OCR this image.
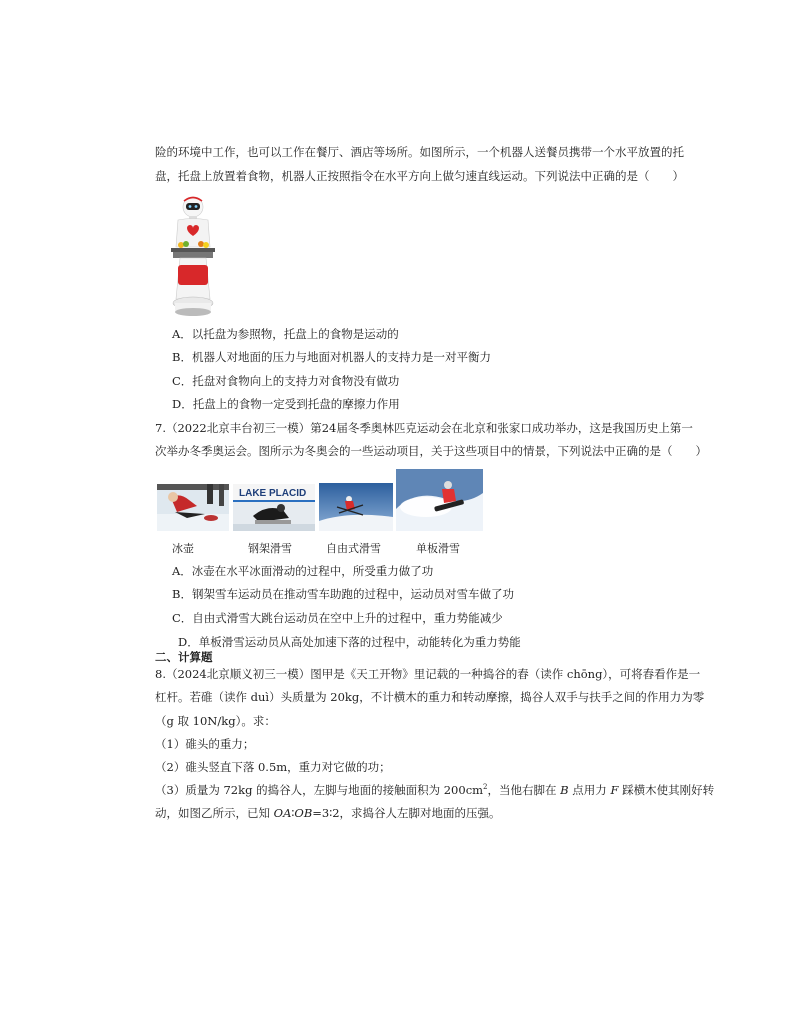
险的环境中工作，也可以工作在餐厅、酒店等场所。如图所示，一个机器人送餐员携带一个水平放置的托
盘，托盘上放置着食物，机器人正按照指令在水平方向上做匀速直线运动。下列说法中正确的是（　　）
A．以托盘为参照物，托盘上的食物是运动的
B．机器人对地面的压力与地面对机器人的支持力是一对平衡力
C．托盘对食物向上的支持力对食物没有做功
D．托盘上的食物一定受到托盘的摩擦力作用
7.（2022北京丰台初三一模）第24届冬季奥林匹克运动会在北京和张家口成功举办，这是我国历史上第一
次举办冬季奥运会。图所示为冬奥会的一些运动项目，关于这些项目中的情景，下列说法中正确的是（　　）
LAKE PLACID
冰壶	钢架滑雪	自由式滑雪	单板滑雪
A．冰壶在水平冰面滑动的过程中，所受重力做了功
B．钢架雪车运动员在推动雪车助跑的过程中，运动员对雪车做了功
C．自由式滑雪大跳台运动员在空中上升的过程中，重力势能减少
D．单板滑雪运动员从高处加速下落的过程中，动能转化为重力势能
二、计算题
8.（2024北京顺义初三一模）图甲是《天工开物》里记载的一种捣谷的舂（读作 chōng），可将舂看作是一
杠杆。若碓（读作 duì）头质量为 20kg，不计横木的重力和转动摩擦，捣谷人双手与扶手之间的作用力为零
（g 取 10N/kg）。求：
（1）碓头的重力；
（2）碓头竖直下落 0.5m，重力对它做的功；
（3）质量为 72kg 的捣谷人，左脚与地面的接触面积为 $200cm^2$，当他右脚在 B 点用力 F 踩横木使其刚好转
动，如图乙所示，已知 OA∶OB=3∶2，求捣谷人左脚对地面的压强。
